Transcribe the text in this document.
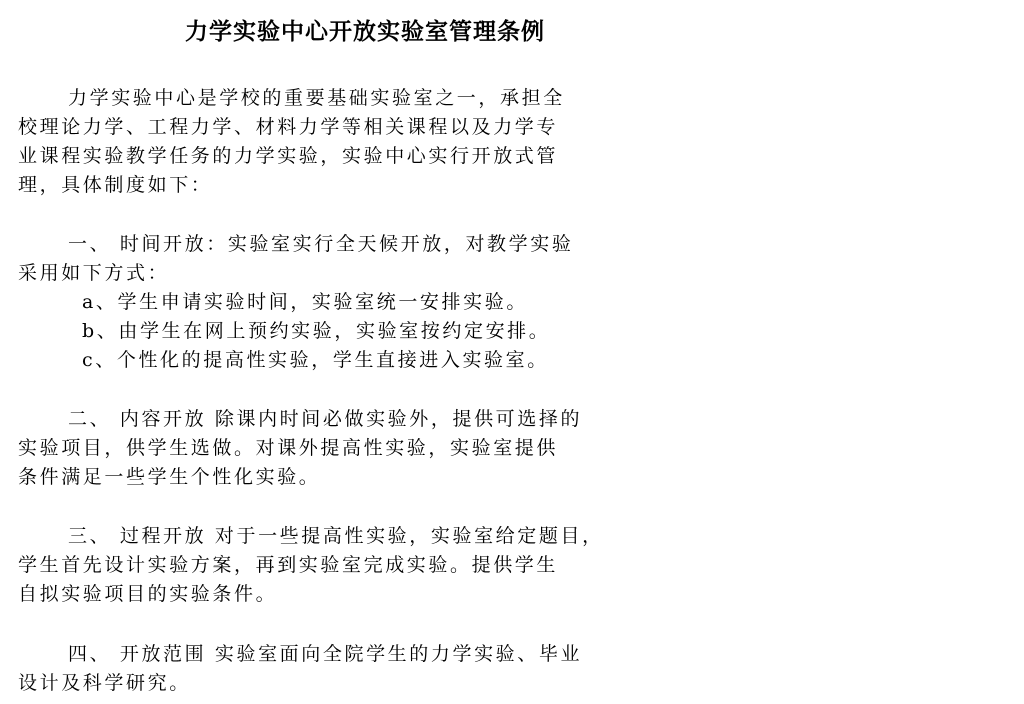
力学实验中心开放实验室管理条例

力学实验中心是学校的重要基础实验室之一，承担全

校理论力学、工程力学、材料力学等相关课程以及力学专

业课程实验教学任务的力学实验，实验中心实行开放式管

理，具体制度如下：

一、 时间开放：实验室实行全天候开放，对教学实验

采用如下方式：

a、学生申请实验时间，实验室统一安排实验。

b、由学生在网上预约实验，实验室按约定安排。

c、个性化的提高性实验，学生直接进入实验室。

二、 内容开放 除课内时间必做实验外，提供可选择的

实验项目，供学生选做。对课外提高性实验，实验室提供

条件满足一些学生个性化实验。

三、 过程开放 对于一些提高性实验，实验室给定题目，

学生首先设计实验方案，再到实验室完成实验。提供学生

自拟实验项目的实验条件。

四、 开放范围 实验室面向全院学生的力学实验、毕业

设计及科学研究。
